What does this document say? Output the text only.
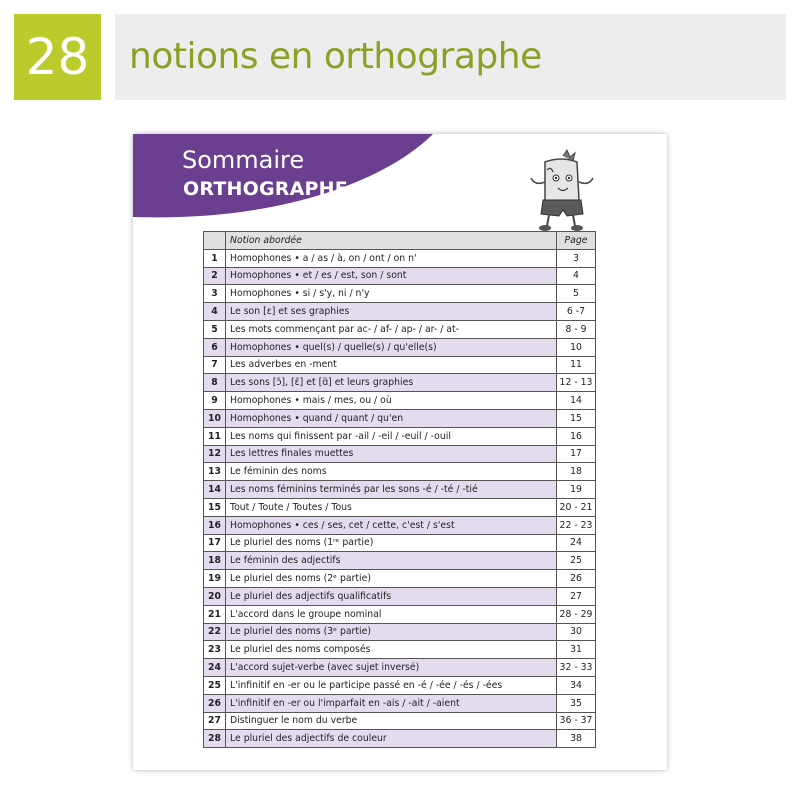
28	notions en orthographe
Sommaire
ORTHOGRAPHE
	Notion abordée	Page
1	Homophones • a / as / à, on / ont / on n'	3
2	Homophones • et / es / est, son / sont	4
3	Homophones • si / s'y, ni / n'y	5
4	Le son [ɛ] et ses graphies	6 -7
5	Les mots commençant par ac- / af- / ap- / ar- / at-	8 - 9
6	Homophones • quel(s) / quelle(s) / qu'elle(s)	10
7	Les adverbes en -ment	11
8	Les sons [ɔ̃], [ɛ̃] et [ɑ̃] et leurs graphies	12 - 13
9	Homophones • mais / mes, ou / où	14
10	Homophones • quand / quant / qu'en	15
11	Les noms qui finissent par -ail / -eil / -euil / -ouil	16
12	Les lettres finales muettes	17
13	Le féminin des noms	18
14	Les noms féminins terminés par les sons -é / -té / -tié	19
15	Tout / Toute / Toutes / Tous	20 - 21
16	Homophones • ces / ses, cet / cette, c'est / s'est	22 - 23
17	Le pluriel des noms (1ʳᵉ partie)	24
18	Le féminin des adjectifs	25
19	Le pluriel des noms (2ᵉ partie)	26
20	Le pluriel des adjectifs qualificatifs	27
21	L'accord dans le groupe nominal	28 - 29
22	Le pluriel des noms (3ᵉ partie)	30
23	Le pluriel des noms composés	31
24	L'accord sujet-verbe (avec sujet inversé)	32 - 33
25	L'infinitif en -er ou le participe passé en -é / -ée / -és / -ées	34
26	L'infinitif en -er ou l'imparfait en -ais / -ait / -aient	35
27	Distinguer le nom du verbe	36 - 37
28	Le pluriel des adjectifs de couleur	38
